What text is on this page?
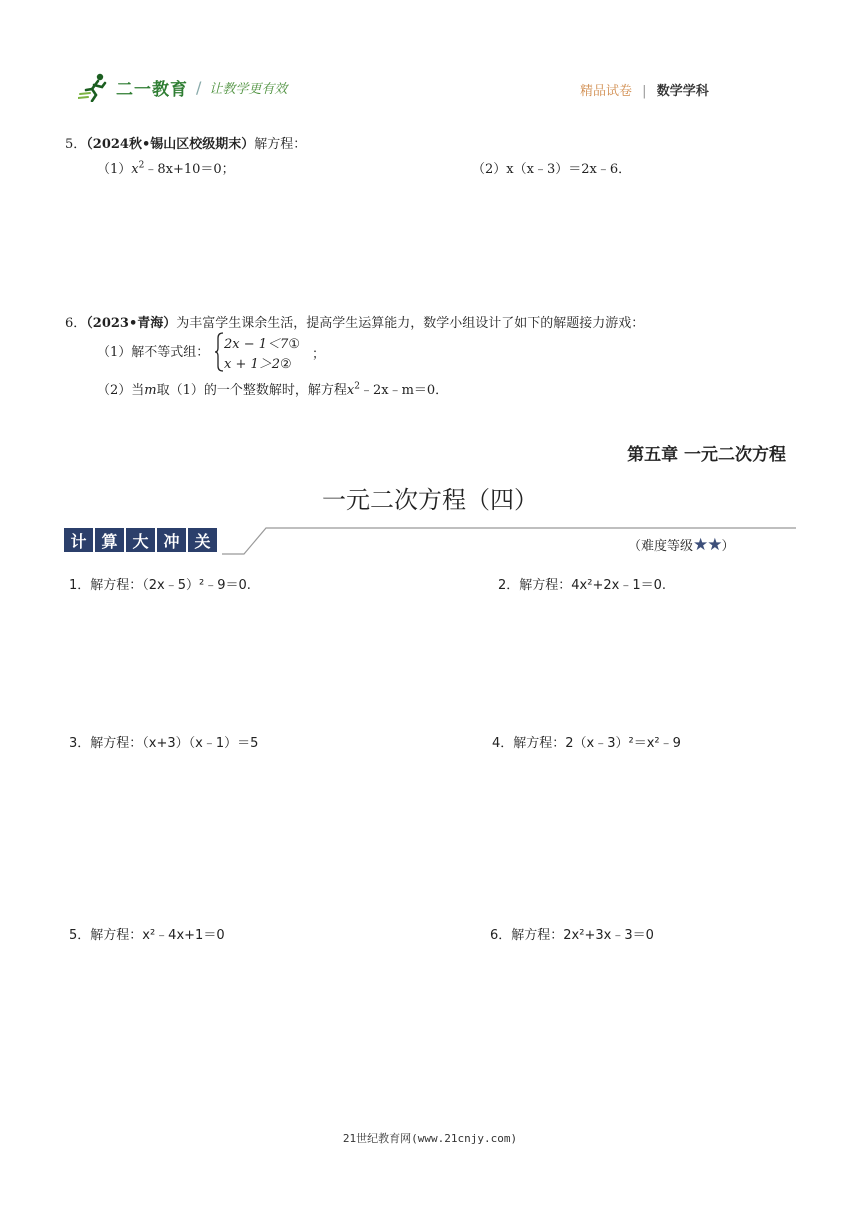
二一教育 / 让教学更有效	精品试卷 | 数学学科
5．（2024秋•锡山区校级期末）解方程：
$(1)x^2﹣8x+10=0$；	（2）x（x﹣3）＝2x﹣6．
6．（2023•青海）为丰富学生课余生活，提高学生运算能力，数学小组设计了如下的解题接力游戏：
（1）解不等式组：
2x − 1＜7①
x + 1＞2②
；
（2）当m取（1）的一个整数解时，解方程$x^2﹣2x﹣m=0$．
第五章 一元二次方程
一元二次方程（四）
计 算 大 冲 关	（难度等级★★）
1．解方程：（2x﹣5）²﹣9＝0.	2．解方程：4x²+2x﹣1＝0.
3．解方程：（x+3）（x﹣1）＝5	4．解方程：2（x﹣3）²＝x²﹣9
5．解方程：x²﹣4x+1＝0	6．解方程：2x²+3x﹣3＝0
21世纪教育网(www.21cnjy.com)
